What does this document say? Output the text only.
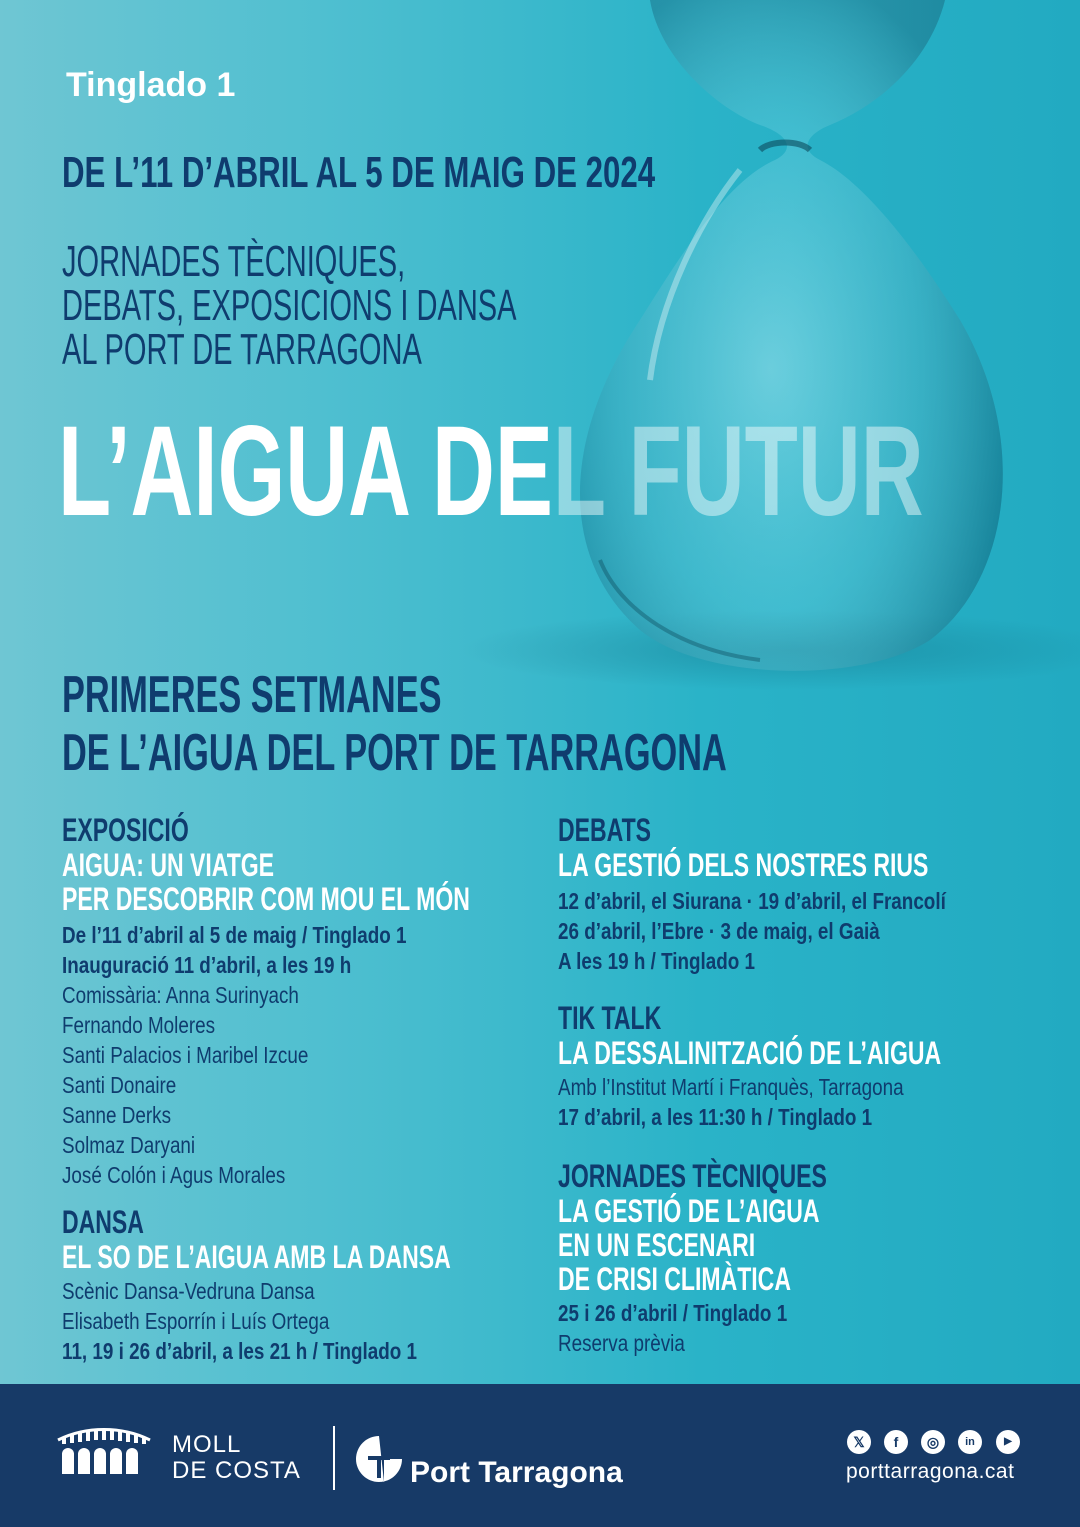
Tinglado 1
DE L’11 D’ABRIL AL 5 DE MAIG DE 2024
JORNADES TÈCNIQUES,
DEBATS, EXPOSICIONS I DANSA
AL PORT DE TARRAGONA
L’AIGUA DEL FUTUR
PRIMERES SETMANES
DE L’AIGUA DEL PORT DE TARRAGONA
EXPOSICIÓ
AIGUA: UN VIATGE
PER DESCOBRIR COM MOU EL MÓN
De l’11 d’abril al 5 de maig / Tinglado 1
Inauguració 11 d’abril, a les 19 h
Comissària: Anna Surinyach
Fernando Moleres
Santi Palacios i Maribel Izcue
Santi Donaire
Sanne Derks
Solmaz Daryani
José Colón i Agus Morales
DANSA
EL SO DE L’AIGUA AMB LA DANSA
Scènic Dansa-Vedruna Dansa
Elisabeth Esporrín i Luís Ortega
11, 19 i 26 d’abril, a les 21 h / Tinglado 1
DEBATS
LA GESTIÓ DELS NOSTRES RIUS
12 d’abril, el Siurana · 19 d’abril, el Francolí
26 d’abril, l’Ebre · 3 de maig, el Gaià
A les 19 h / Tinglado 1
TIK TALK
LA DESSALINITZACIÓ DE L’AIGUA
Amb l’Institut Martí i Franquès, Tarragona
17 d’abril, a les 11:30 h / Tinglado 1
JORNADES TÈCNIQUES
LA GESTIÓ DE L’AIGUA
EN UN ESCENARI
DE CRISI CLIMÀTICA
25 i 26 d’abril / Tinglado 1
Reserva prèvia
MOLL
DE COSTA	Port Tarragona
𝕏	f	◎	in	▶
porttarragona.cat
